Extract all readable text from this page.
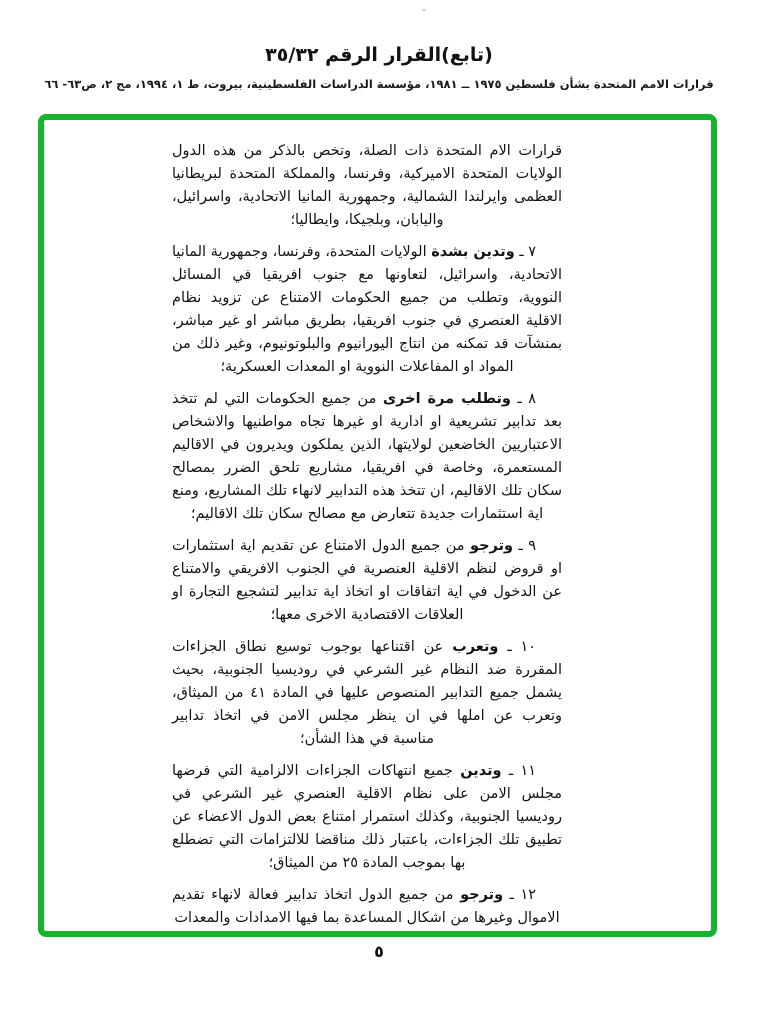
(تابع)القرار الرقم ٣٥/٣٢
قرارات الامم المتحدة بشأن فلسطين ١٩٧٥ ــ ١٩٨١، مؤسسة الدراسات الفلسطينية، بيروت، ط ١، ١٩٩٤، مج ٢، ص٦٣- ٦٦

قرارات الام المتحدة ذات الصلة، وتخص بالذكر من هذه الدول الولايات المتحدة الاميركية، وفرنسا، والمملكة المتحدة لبريطانيا العظمى وايرلندا الشمالية، وجمهورية المانيا الاتحادية، واسرائيل، واليابان، وبلجيكا، وايطاليا؛

٧ ـ وتدين بشدة الولايات المتحدة، وفرنسا، وجمهورية المانيا الاتحادية، واسرائيل، لتعاونها مع جنوب افريقيا في المسائل النووية، وتطلب من جميع الحكومات الامتناع عن تزويد نظام الاقلية العنصري في جنوب افريقيا، بطريق مباشر او غير مباشر، بمنشآت قد تمكنه من انتاج اليورانيوم والبلوتونيوم، وغير ذلك من المواد او المفاعلات النووية او المعدات العسكرية؛

٨ ـ وتطلب مرة اخرى من جميع الحكومات التي لم تتخذ بعد تدابير تشريعية او ادارية او غيرها تجاه مواطنيها والاشخاص الاعتباريين الخاضعين لولايتها، الذين يملكون ويديرون في الاقاليم المستعمرة، وخاصة في افريقيا، مشاريع تلحق الضرر بمصالح سكان تلك الاقاليم، ان تتخذ هذه التدابير لانهاء تلك المشاريع، ومنع اية استثمارات جديدة تتعارض مع مصالح سكان تلك الاقاليم؛

٩ ـ وترجو من جميع الدول الامتناع عن تقديم اية استثمارات او قروض لنظم الاقلية العنصرية في الجنوب الافريقي والامتناع عن الدخول في اية اتفاقات او اتخاذ اية تدابير لتشجيع التجارة او العلاقات الاقتصادية الاخرى معها؛

١٠ ـ وتعرب عن اقتناعها بوجوب توسيع نطاق الجزاءات المقررة ضد النظام غير الشرعي في روديسيا الجنوبية، بحيث يشمل جميع التدابير المنصوص عليها في المادة ٤١ من الميثاق، وتعرب عن املها في ان ينظر مجلس الامن في اتخاذ تدابير مناسبة في هذا الشأن؛

١١ ـ وتدين جميع انتهاكات الجزاءات الالزامية التي فرضها مجلس الامن على نظام الاقلية العنصري غير الشرعي في روديسيا الجنوبية، وكذلك استمرار امتناع بعض الدول الاعضاء عن تطبيق تلك الجزاءات، باعتبار ذلك مناقضا للالتزامات التي تضطلع بها بموجب المادة ٢٥ من الميثاق؛

١٢ ـ وترجو من جميع الدول اتخاذ تدابير فعالة لانهاء تقديم الاموال وغيرها من اشكال المساعدة بما فيها الامدادات والمعدات

٥
